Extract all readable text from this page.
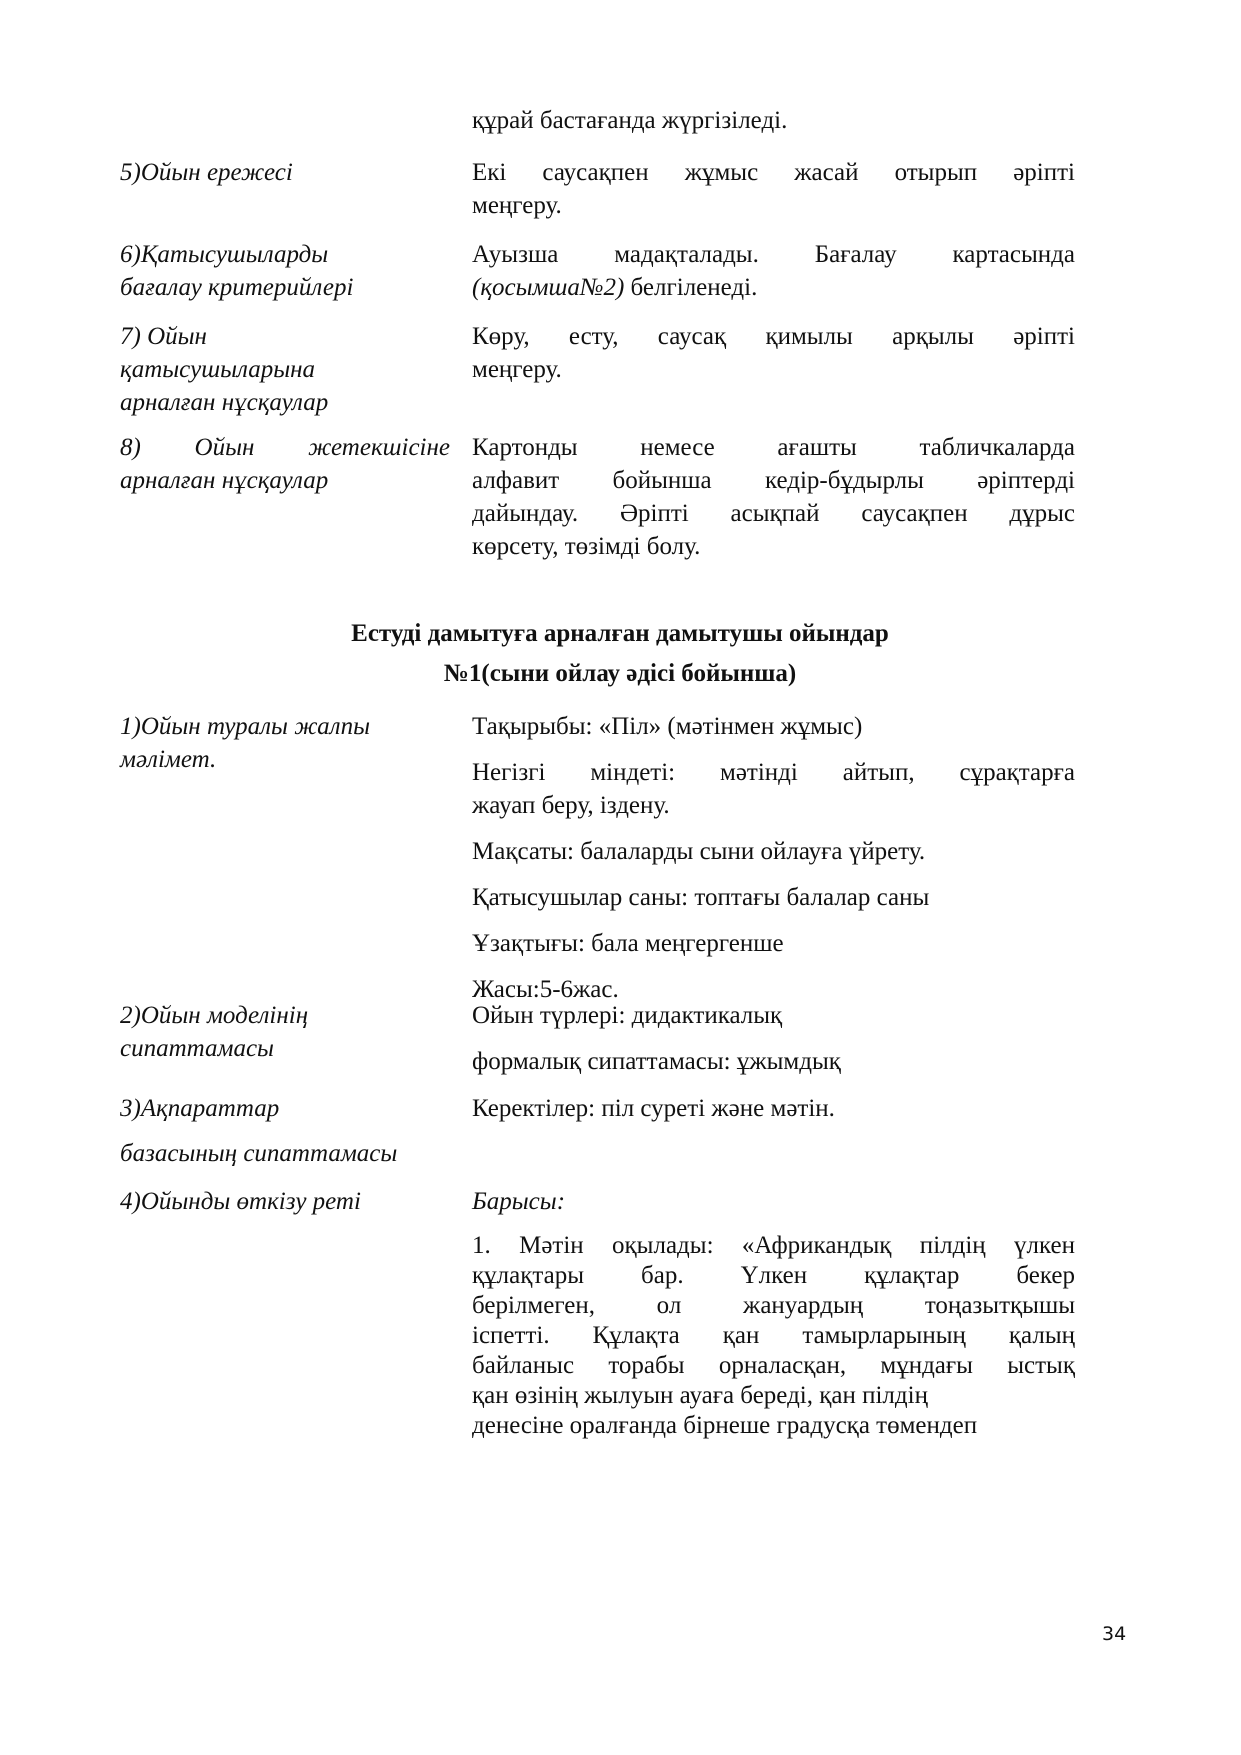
құрай бастағанда жүргізіледі.
5)Ойын ережесі	Екі саусақпен жұмыс жасай отырып әріпті
меңгеру.
6)Қатысушыларды
бағалау критерийлері
Ауызша мадақталады. Бағалау картасында
(қосымша№2) белгіленеді.
7) Ойын
қатысушыларына
арналған нұсқаулар
Көру, есту, саусақ қимылы арқылы әріпті
меңгеру.
8) Ойын жетекшісіне
арналған нұсқаулар
Картонды немесе ағашты табличкаларда
алфавит бойынша кедір-бұдырлы әріптерді
дайындау. Әріпті асықпай саусақпен дұрыс
көрсету, төзімді болу.
Естуді дамытуға арналған дамытушы ойындар
№1(сыни ойлау әдісі бойынша)
1)Ойын туралы жалпы
мәлімет.

Тақырыбы: «Піл» (мәтінмен жұмыс)

Негізгі міндеті: мәтінді айтып, сұрақтарға
жауап беру, іздену.

Мақсаты: балаларды сыни ойлауға үйрету.

Қатысушылар саны: топтағы балалар саны

Ұзақтығы: бала меңгергенше

Жасы:5-6жас.

2)Ойын моделінің
сипаттамасы

Ойын түрлері: дидактикалық

формалық сипаттамасы: ұжымдық

3)Ақпараттар
базасының сипаттамасы

Керектілер: піл суреті және мәтін.

4)Ойынды өткізу реті	Барысы:

1. Мәтін оқылады: «Африкандық пілдің үлкен
құлақтары бар. Үлкен құлақтар бекер
берілмеген, ол жануардың тоңазытқышы
іспетті. Құлақта қан тамырларының қалың
байланыс торабы орналасқан, мұндағы ыстық
қан өзінің жылуын ауаға береді, қан пілдің
денесіне оралғанда бірнеше градусқа төмендеп

34
